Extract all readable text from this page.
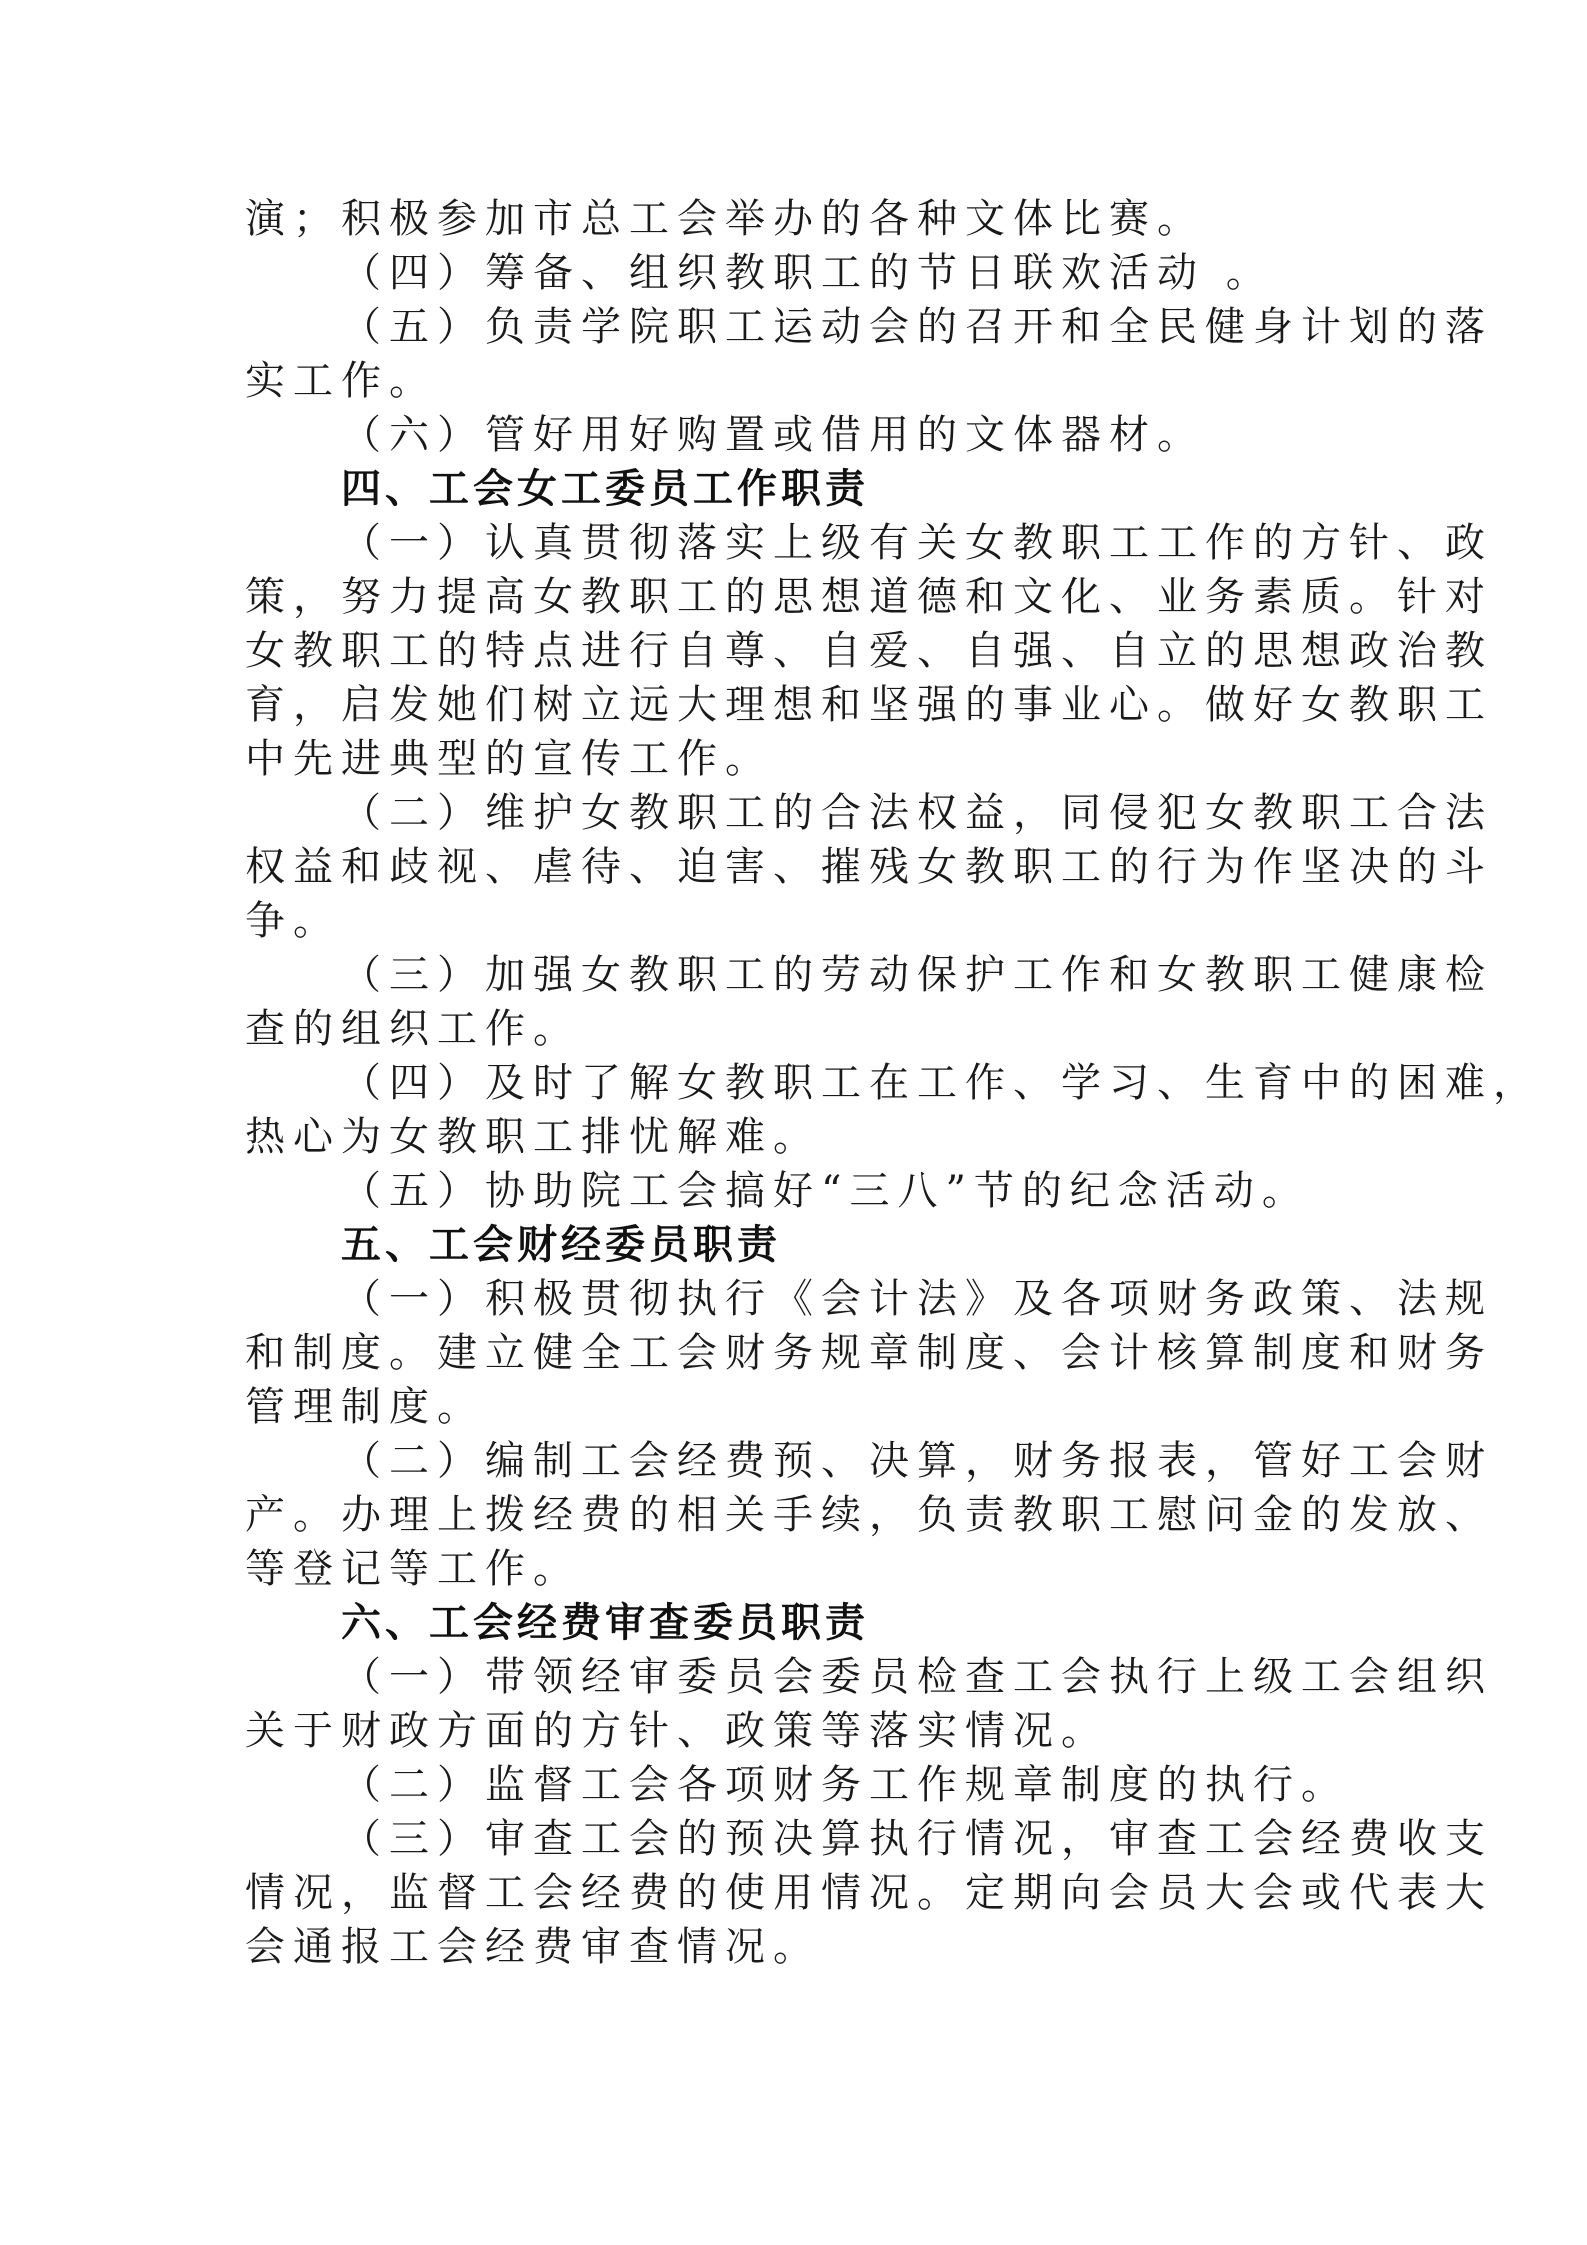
演；积极参加市总工会举办的各种文体比赛。
（四）筹备、组织教职工的节日联欢活动 。
（五）负责学院职工运动会的召开和全民健身计划的落
实工作。
（六）管好用好购置或借用的文体器材。
四、工会女工委员工作职责
（一）认真贯彻落实上级有关女教职工工作的方针、政
策，努力提高女教职工的思想道德和文化、业务素质。针对
女教职工的特点进行自尊、自爱、自强、自立的思想政治教
育，启发她们树立远大理想和坚强的事业心。做好女教职工
中先进典型的宣传工作。
（二）维护女教职工的合法权益，同侵犯女教职工合法
权益和歧视、虐待、迫害、摧残女教职工的行为作坚决的斗
争。
（三）加强女教职工的劳动保护工作和女教职工健康检
查的组织工作。
（四）及时了解女教职工在工作、学习、生育中的困难，
热心为女教职工排忧解难。
（五）协助院工会搞好“三八”节的纪念活动。
五、工会财经委员职责
（一）积极贯彻执行《会计法》及各项财务政策、法规
和制度。建立健全工会财务规章制度、会计核算制度和财务
管理制度。
（二）编制工会经费预、决算，财务报表，管好工会财
产。办理上拨经费的相关手续，负责教职工慰问金的发放、
等登记等工作。
六、工会经费审查委员职责
（一）带领经审委员会委员检查工会执行上级工会组织
关于财政方面的方针、政策等落实情况。
（二）监督工会各项财务工作规章制度的执行。
（三）审查工会的预决算执行情况，审查工会经费收支
情况，监督工会经费的使用情况。定期向会员大会或代表大
会通报工会经费审查情况。
